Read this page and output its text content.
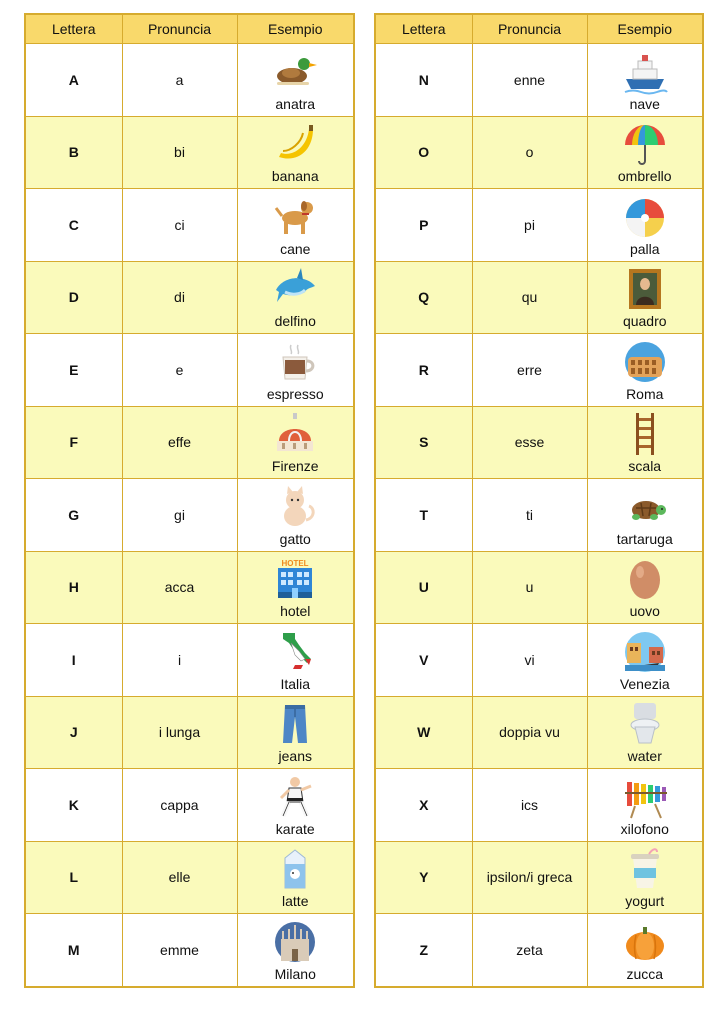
Lettera	Pronuncia	Esempio
A	a	anatra

B	bi	banana

C	ci	cane

D	di	delfino

E	e	espresso

F	effe	Firenze

G	gi	gatto

H	acca	HOTEL
hotel

I	i	Italia

J	i lunga	jeans

K	cappa	karate

L	elle	latte

M	emme	Milano
Lettera	Pronuncia	Esempio
N	enne	nave

O	o	ombrello

P	pi	palla

Q	qu	quadro

R	erre	Roma

S	esse	scala

T	ti	tartaruga

U	u	uovo

V	vi	Venezia

W	doppia vu	water

X	ics	xilofono

Y	ipsilon/i greca	yogurt

Z	zeta	zucca
